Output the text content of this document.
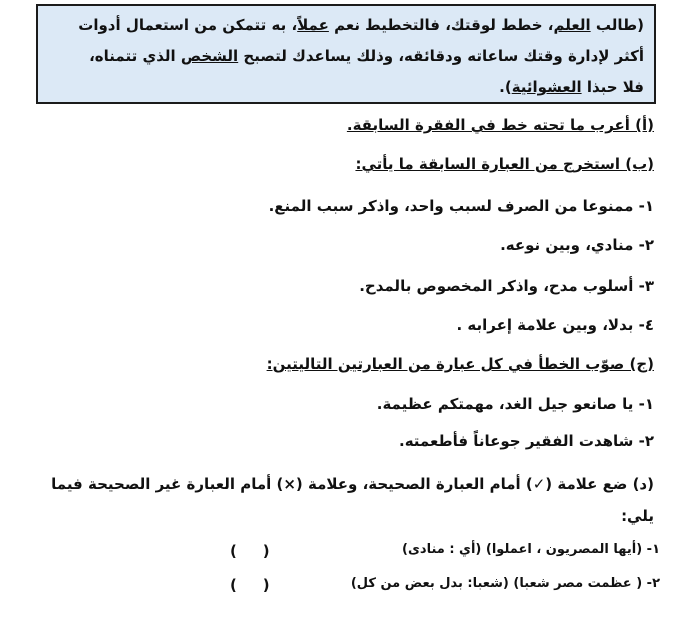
(طالب العلم، خطط لوقتك، فالتخطيط نعم عملاً، به تتمكن من استعمال أدوات
أكثر لإدارة وقتك ساعاته ودقائقه، وذلك يساعدك لتصبح الشخص الذي تتمناه،
فلا حبذا العشوائية).
(أ) أعرب ما تحته خط في الفقرة السابقة.
(ب) استخرج من العبارة السابقة ما يأتي:
١- ممنوعا من الصرف لسبب واحد، واذكر سبب المنع.
٢- منادي، وبين نوعه.
٣- أسلوب مدح، واذكر المخصوص بالمدح.
٤- بدلا، وبين علامة إعرابه .
(ج) صوّب الخطأ في كل عبارة من العبارتين التاليتين:
١- يا صانعو جيل الغد، مهمتكم عظيمة.
٢- شاهدت الفقير جوعاناً فأطعمته.
(د) ضع علامة (✓) أمام العبارة الصحيحة، وعلامة (×) أمام العبارة غير الصحيحة فيما
يلي:
١- (أيها المصريون ، اعملوا) (أي : منادى)
(    )
٢- ( عظمت مصر شعبا) (شعبا: بدل بعض من كل)
(    )
